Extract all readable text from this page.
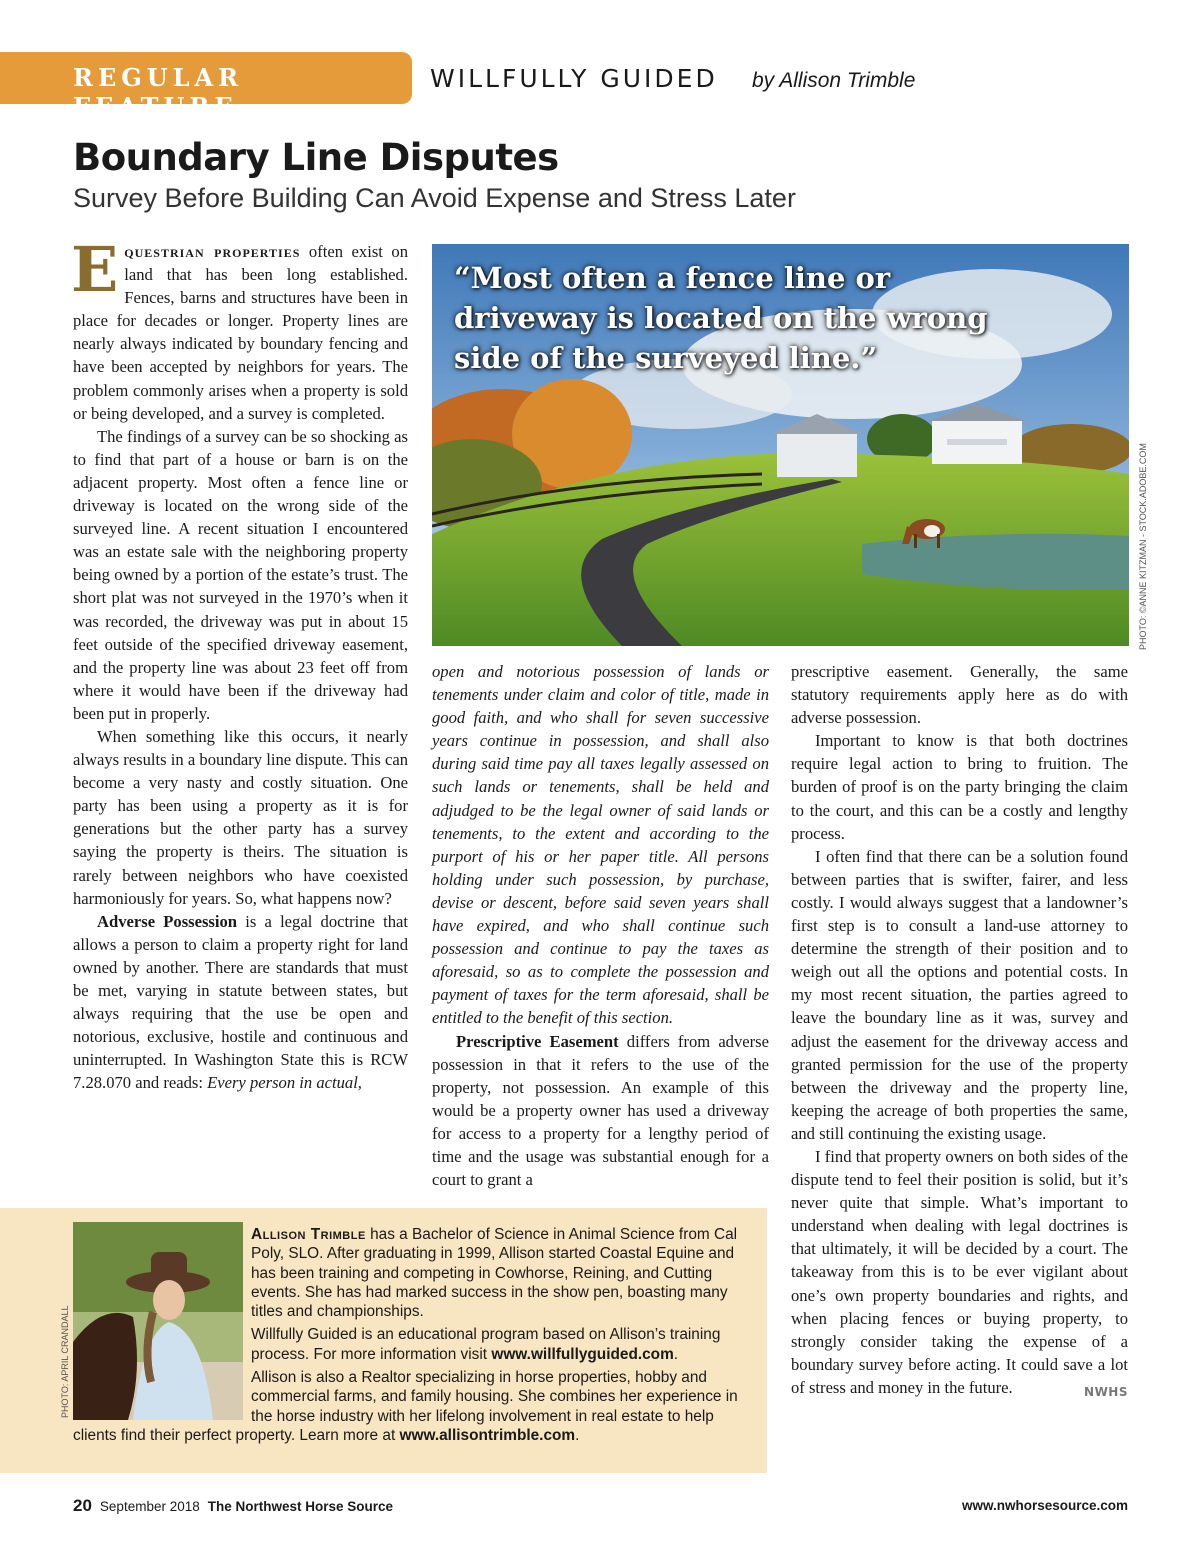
REGULAR FEATURE
WILLFULLY GUIDED by Allison Trimble
Boundary Line Disputes
Survey Before Building Can Avoid Expense and Stress Later

Equestrian properties often exist on land that has been long established. Fences, barns and structures have been in place for decades or longer. Property lines are nearly always indicated by boundary fencing and have been accepted by neighbors for years. The problem commonly arises when a property is sold or being developed, and a survey is completed.

The findings of a survey can be so shocking as to find that part of a house or barn is on the adjacent property. Most often a fence line or driveway is located on the wrong side of the surveyed line. A recent situation I encountered was an estate sale with the neighboring property being owned by a portion of the estate’s trust. The short plat was not surveyed in the 1970’s when it was recorded, the driveway was put in about 15 feet outside of the specified driveway easement, and the property line was about 23 feet off from where it would have been if the driveway had been put in properly.

When something like this occurs, it nearly always results in a boundary line dispute. This can become a very nasty and costly situation. One party has been using a property as it is for generations but the other party has a survey saying the property is theirs. The situation is rarely between neighbors who have coexisted harmoniously for years. So, what happens now?

Adverse Possession is a legal doctrine that allows a person to claim a property right for land owned by another. There are standards that must be met, varying in statute between states, but always requiring that the use be open and notorious, exclusive, hostile and continuous and uninterrupted. In Washington State this is RCW 7.28.070 and reads: Every person in actual,

“Most often a fence line or driveway is located on the wrong side of the surveyed line.”
PHOTO: ©ANNE KITZMAN - STOCK.ADOBE.COM

open and notorious possession of lands or tenements under claim and color of title, made in good faith, and who shall for seven successive years continue in possession, and shall also during said time pay all taxes legally assessed on such lands or tenements, shall be held and adjudged to be the legal owner of said lands or tenements, to the extent and according to the purport of his or her paper title. All persons holding under such possession, by purchase, devise or descent, before said seven years shall have expired, and who shall continue such possession and continue to pay the taxes as aforesaid, so as to complete the possession and payment of taxes for the term aforesaid, shall be entitled to the benefit of this section.

Prescriptive Easement differs from adverse possession in that it refers to the use of the property, not possession. An example of this would be a property owner has used a driveway for access to a property for a lengthy period of time and the usage was substantial enough for a court to grant a

prescriptive easement. Generally, the same statutory requirements apply here as do with adverse possession.

Important to know is that both doctrines require legal action to bring to fruition. The burden of proof is on the party bringing the claim to the court, and this can be a costly and lengthy process.

I often find that there can be a solution found between parties that is swifter, fairer, and less costly. I would always suggest that a landowner’s first step is to consult a land-use attorney to determine the strength of their position and to weigh out all the options and potential costs. In my most recent situation, the parties agreed to leave the boundary line as it was, survey and adjust the easement for the driveway access and granted permission for the use of the property between the driveway and the property line, keeping the acreage of both properties the same, and still continuing the existing usage.

I find that property owners on both sides of the dispute tend to feel their position is solid, but it’s never quite that simple. What’s important to understand when dealing with legal doctrines is that ultimately, it will be decided by a court. The takeaway from this is to be ever vigilant about one’s own property boundaries and rights, and when placing fences or buying property, to strongly consider taking the expense of a boundary survey before acting. It could save a lot of stress and money in the future.	NWHS

Allison Trimble has a Bachelor of Science in Animal Science from Cal Poly, SLO. After graduating in 1999, Allison started Coastal Equine and has been training and competing in Cowhorse, Reining, and Cutting events. She has had marked success in the show pen, boasting many titles and championships.

Willfully Guided is an educational program based on Allison’s training process. For more information visit www.willfullyguided.com.

Allison is also a Realtor specializing in horse properties, hobby and commercial farms, and family housing. She combines her experience in the horse industry with her lifelong involvement in real estate to help clients find their perfect property. Learn more at www.allisontrimble.com.

20 September 2018 The Northwest Horse Source	www.nwhorsesource.com
